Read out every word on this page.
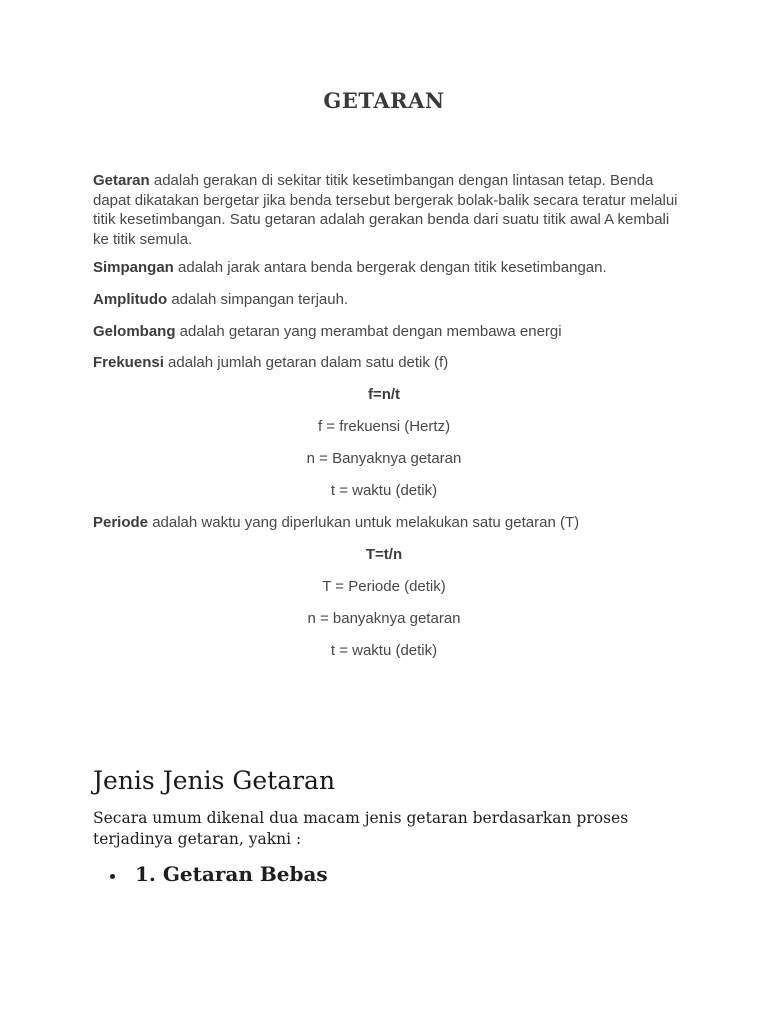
GETARAN

Getaran adalah gerakan di sekitar titik kesetimbangan dengan lintasan tetap. Benda dapat dikatakan bergetar jika benda tersebut bergerak bolak-balik secara teratur melalui titik kesetimbangan. Satu getaran adalah gerakan benda dari suatu titik awal A kembali ke titik semula.

Simpangan adalah jarak antara benda bergerak dengan titik kesetimbangan.

Amplitudo adalah simpangan terjauh.

Gelombang adalah getaran yang merambat dengan membawa energi

Frekuensi adalah jumlah getaran dalam satu detik (f)

f=n/t

f = frekuensi (Hertz)

n = Banyaknya getaran

t = waktu (detik)

Periode adalah waktu yang diperlukan untuk melakukan satu getaran (T)

T=t/n

T = Periode (detik)

n = banyaknya getaran

t = waktu (detik)

Jenis Jenis Getaran

Secara umum dikenal dua macam jenis getaran berdasarkan proses terjadinya getaran, yakni :

1. Getaran Bebas
